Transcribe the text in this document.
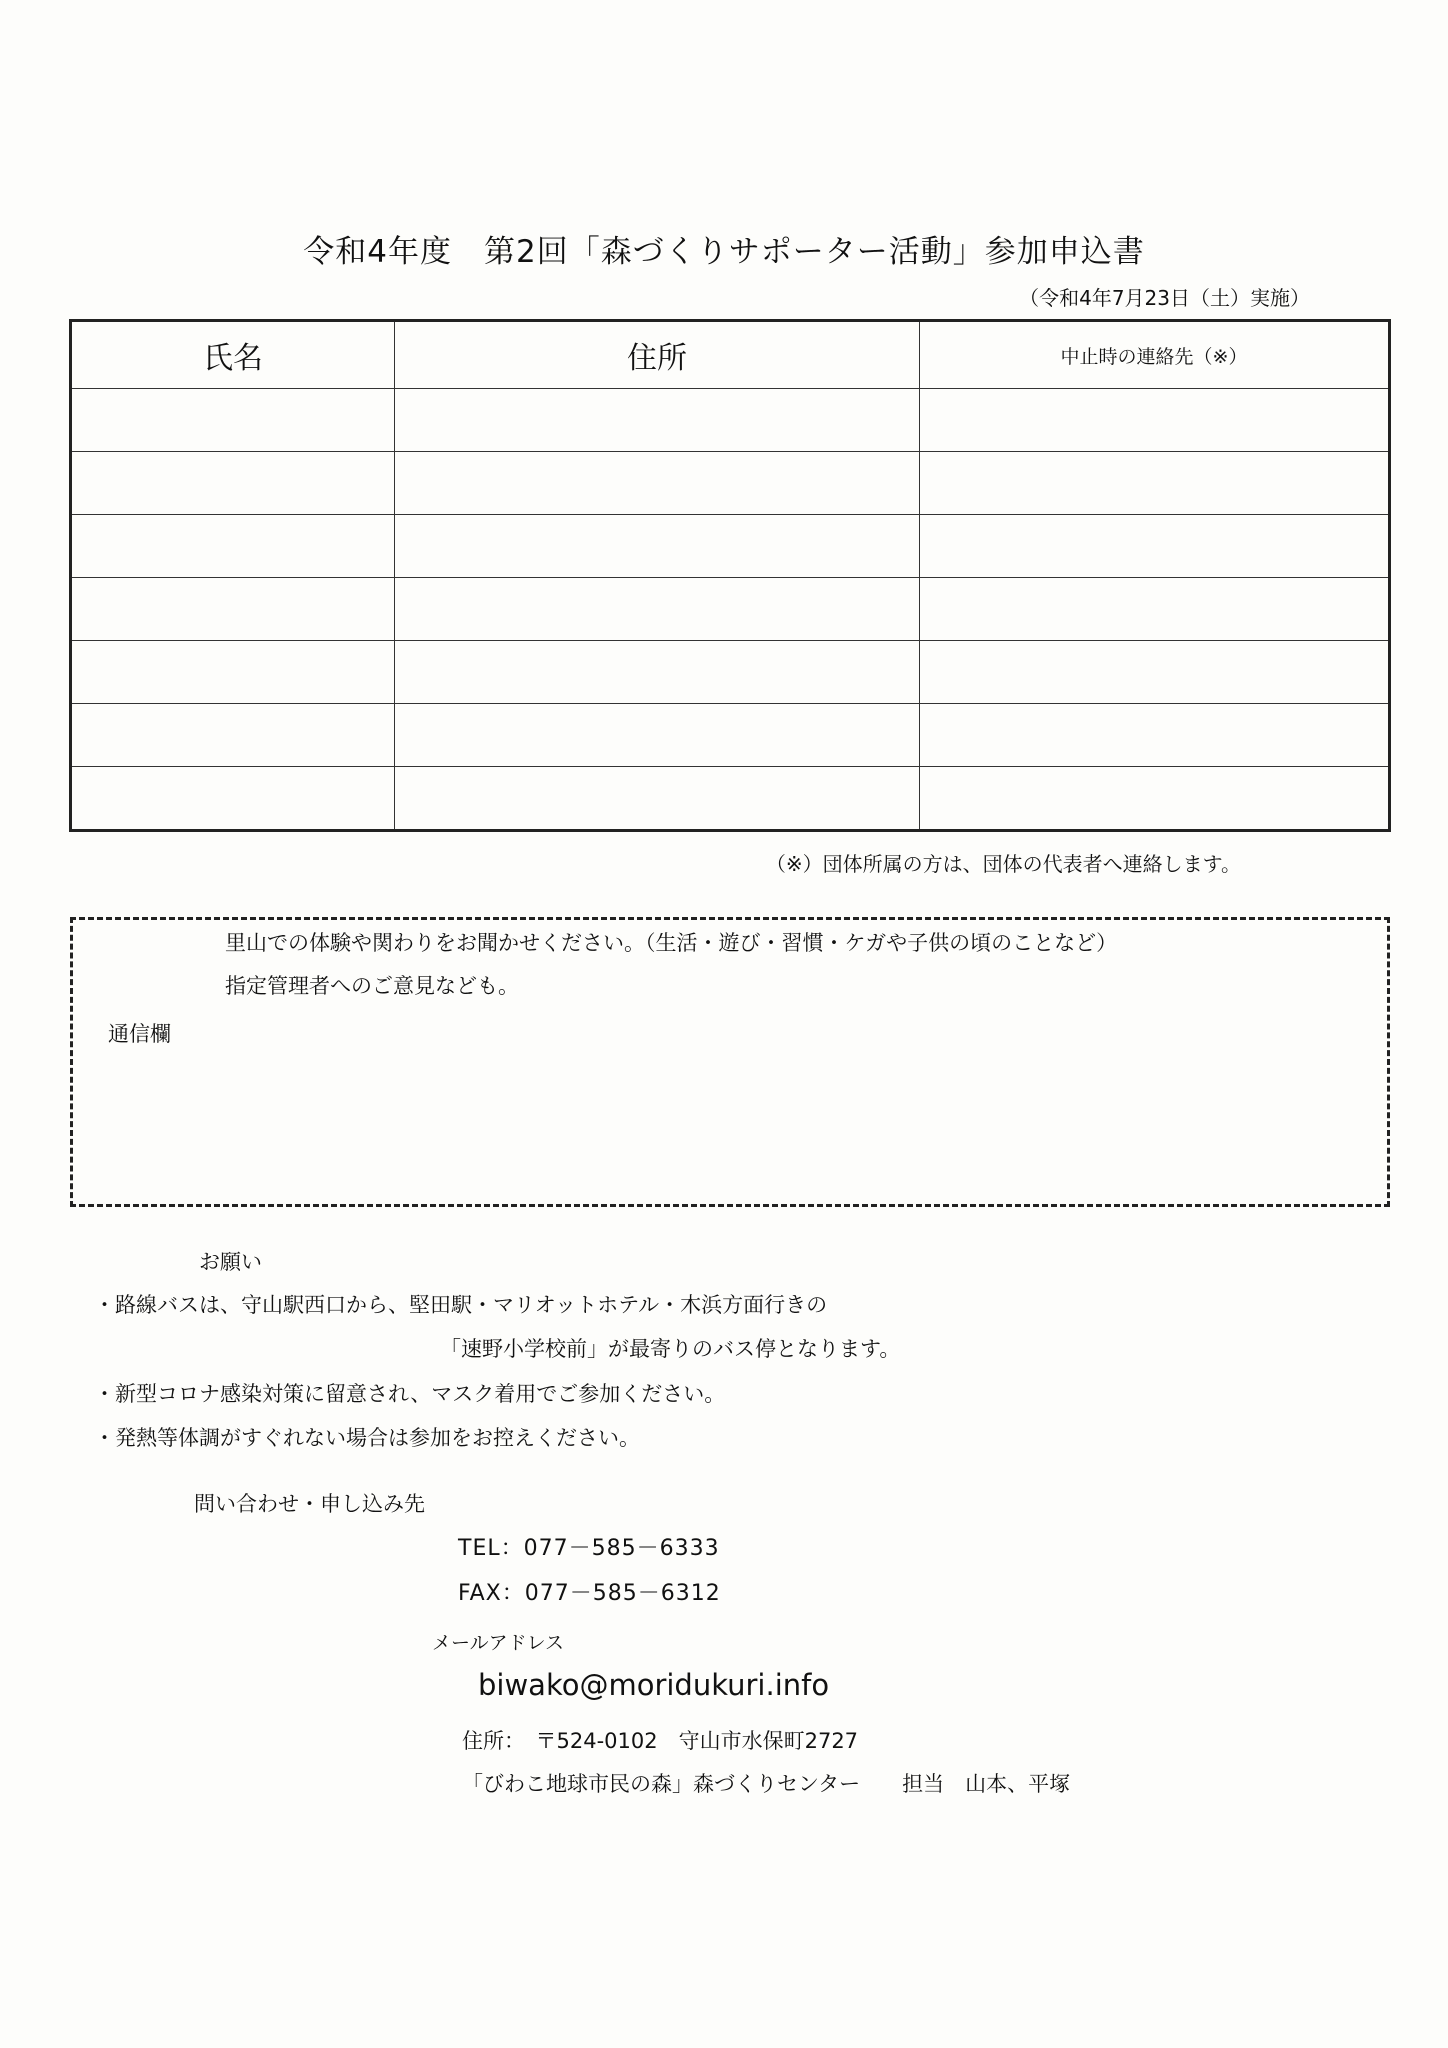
令和4年度　第2回「森づくりサポーター活動」参加申込書
（令和4年7月23日（土）実施）
氏名	住所	中止時の連絡先（※）

（※）団体所属の方は、団体の代表者へ連絡します。
里山での体験や関わりをお聞かせください。（生活・遊び・習慣・ケガや子供の頃のことなど）
指定管理者へのご意見なども。
通信欄
お願い
・路線バスは、守山駅西口から、堅田駅・マリオットホテル・木浜方面行きの
「速野小学校前」が最寄りのバス停となります。
・新型コロナ感染対策に留意され、マスク着用でご参加ください。
・発熱等体調がすぐれない場合は参加をお控えください。
問い合わせ・申し込み先
TEL：077－585－6333
FAX：077－585－6312
メールアドレス
biwako@moridukuri.info
住所：　〒524-0102　守山市水保町2727
「びわこ地球市民の森」森づくりセンター　　担当　山本、平塚
